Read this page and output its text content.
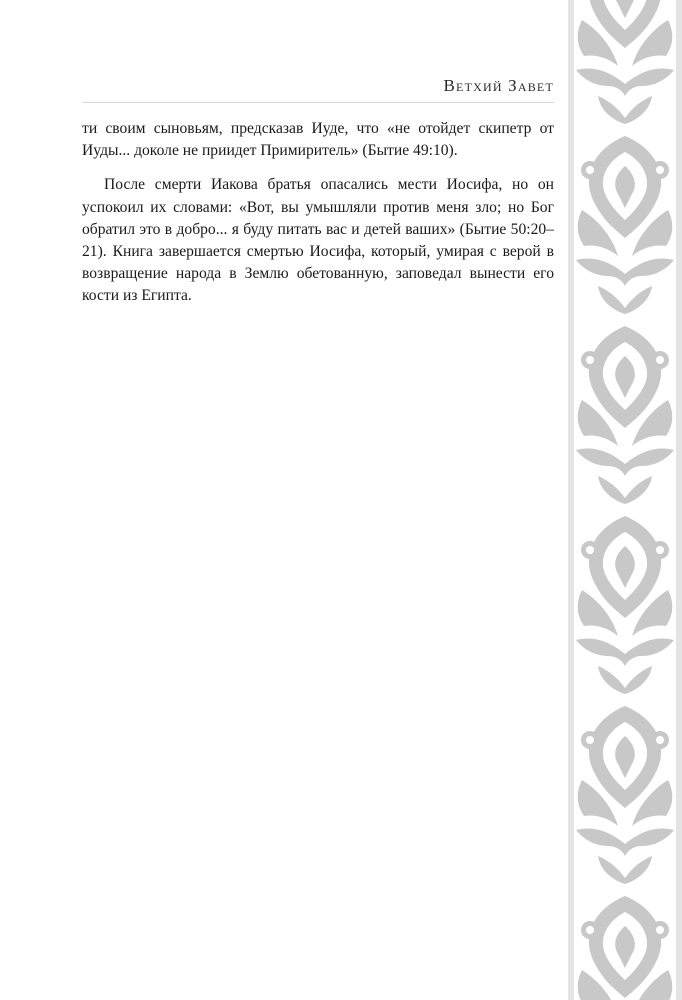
Ветхий Завет

ти своим сыновьям, предсказав Иуде, что «не отойдет скипетр от Иуды... доколе не приидет Примиритель» (Бытие 49:10).

После смерти Иакова братья опасались мести Иосифа, но он успокоил их словами: «Вот, вы умышляли против меня зло; но Бог обратил это в добро... я буду питать вас и детей ваших» (Бытие 50:20–21). Книга завершается смертью Иосифа, который, умирая с верой в возвращение народа в Землю обетованную, заповедал вынести его кости из Египта.
